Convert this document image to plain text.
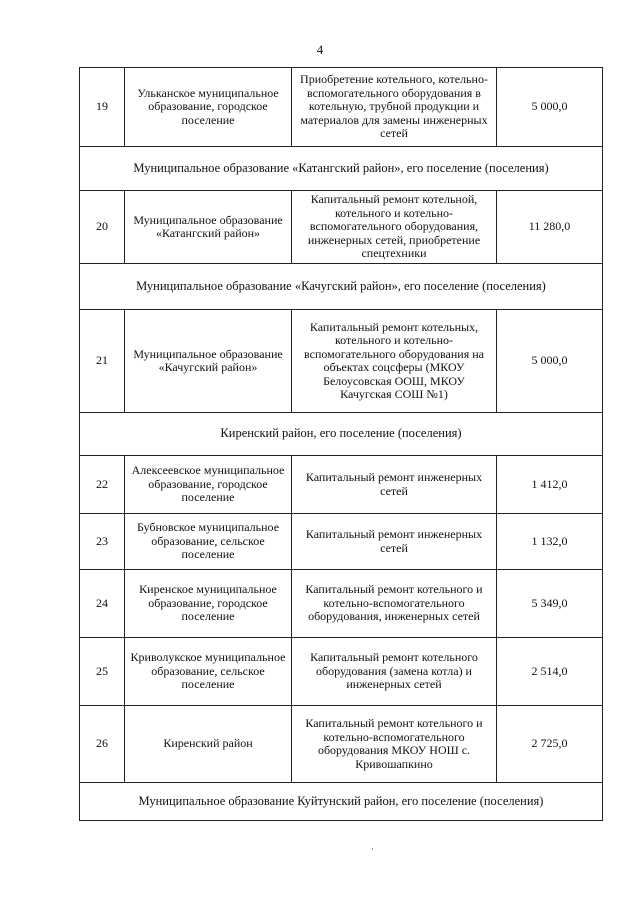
4
19	Ульканское муниципальное образование, городское поселение	Приобретение котельного, котельно-вспомогательного оборудования в котельную, трубной продукции и материалов для замены инженерных сетей	5 000,0
Муниципальное образование «Катангский район», его поселение (поселения)			
20	Муниципальное образование «Катангский район»	Капитальный ремонт котельной, котельного и котельно-вспомогательного оборудования, инженерных сетей, приобретение спецтехники	11 280,0
Муниципальное образование «Качугский район», его поселение (поселения)			
21	Муниципальное образование «Качугский район»	Капитальный ремонт котельных, котельного и котельно-вспомогательного оборудования на объектах соцсферы (МКОУ Белоусовская ООШ, МКОУ Качугская СОШ №1)	5 000,0
Киренский район, его поселение (поселения)			
22	Алексеевское муниципальное образование, городское поселение	Капитальный ремонт инженерных сетей	1 412,0
23	Бубновское муниципальное образование, сельское поселение	Капитальный ремонт инженерных сетей	1 132,0
24	Киренское муниципальное образование, городское поселение	Капитальный ремонт котельного и котельно-вспомогательного оборудования, инженерных сетей	5 349,0
25	Криволукское муниципальное образование, сельское поселение	Капитальный ремонт котельного оборудования (замена котла) и инженерных сетей	2 514,0
26	Киренский район	Капитальный ремонт котельного и котельно-вспомогательного оборудования МКОУ НОШ с. Кривошапкино	2 725,0
Муниципальное образование Куйтунский район, его поселение (поселения)			
